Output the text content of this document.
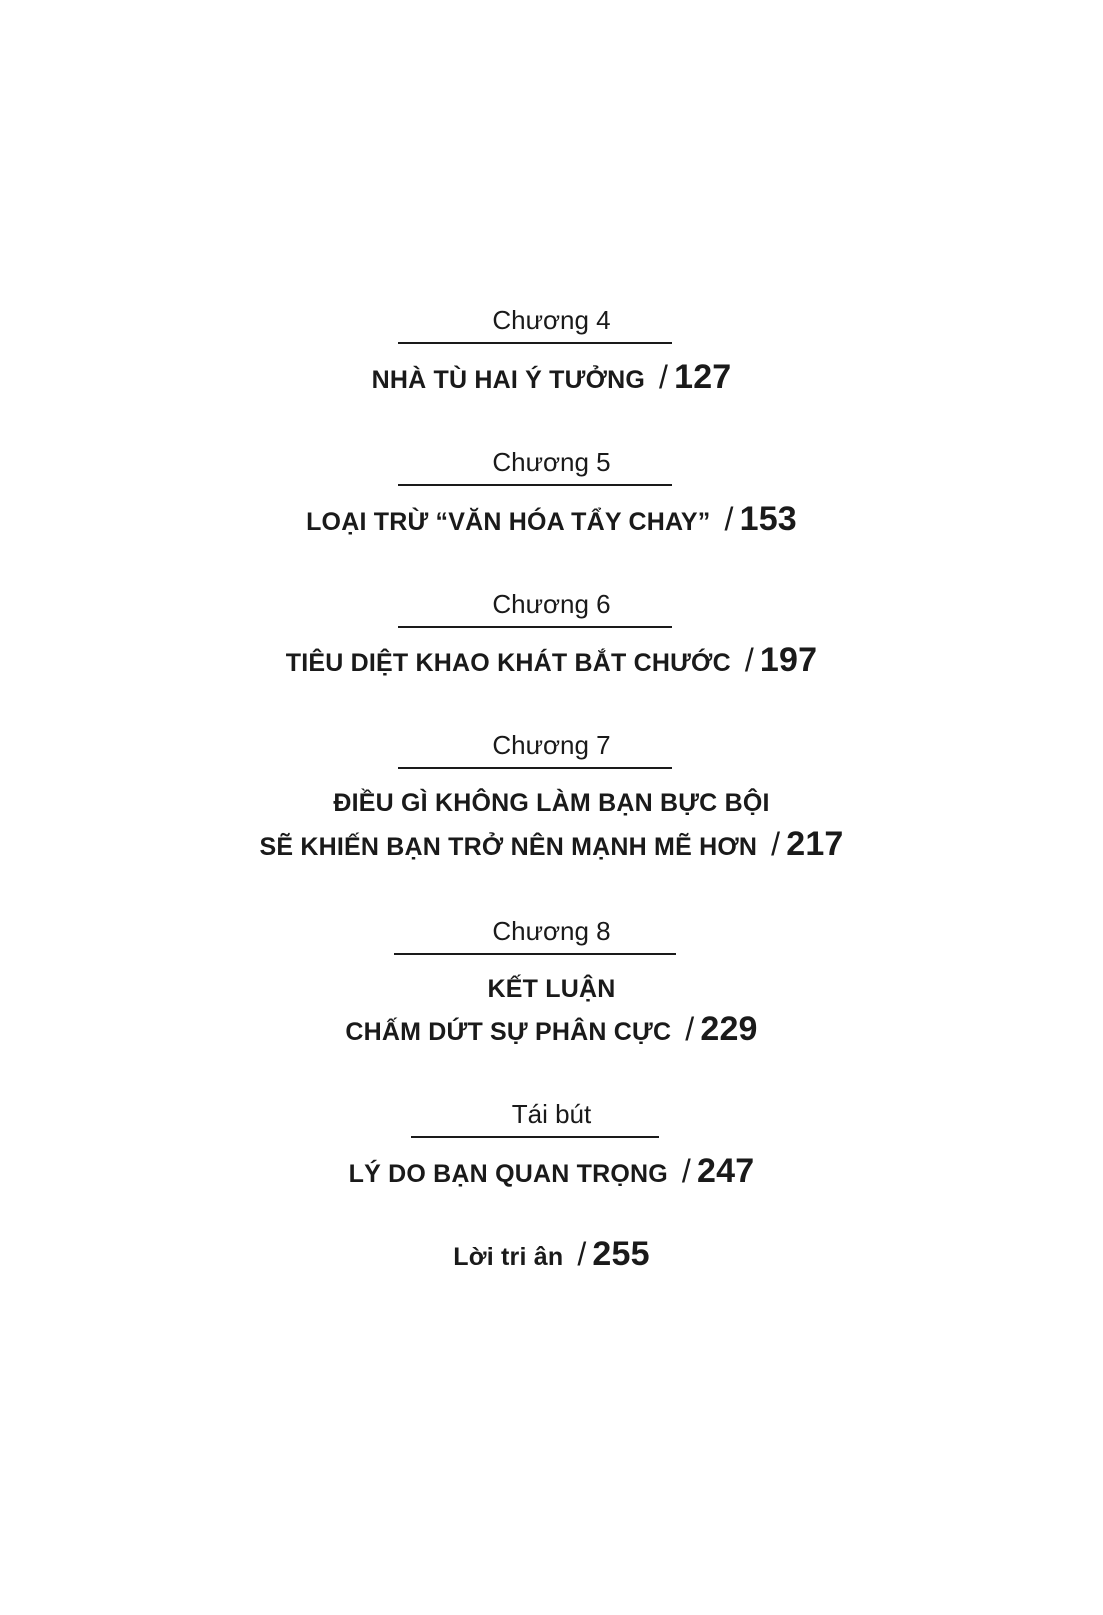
Chương 4
NHÀ TÙ HAI Ý TƯỞNG / 127
Chương 5
LOẠI TRỪ “VĂN HÓA TẨY CHAY” / 153
Chương 6
TIÊU DIỆT KHAO KHÁT BẮT CHƯỚC / 197
Chương 7
ĐIỀU GÌ KHÔNG LÀM BẠN BỰC BỘI
SẼ KHIẾN BẠN TRỞ NÊN MẠNH MẼ HƠN / 217
Chương 8
KẾT LUẬN
CHẤM DỨT SỰ PHÂN CỰC / 229
Tái bút
LÝ DO BẠN QUAN TRỌNG / 247
Lời tri ân / 255
